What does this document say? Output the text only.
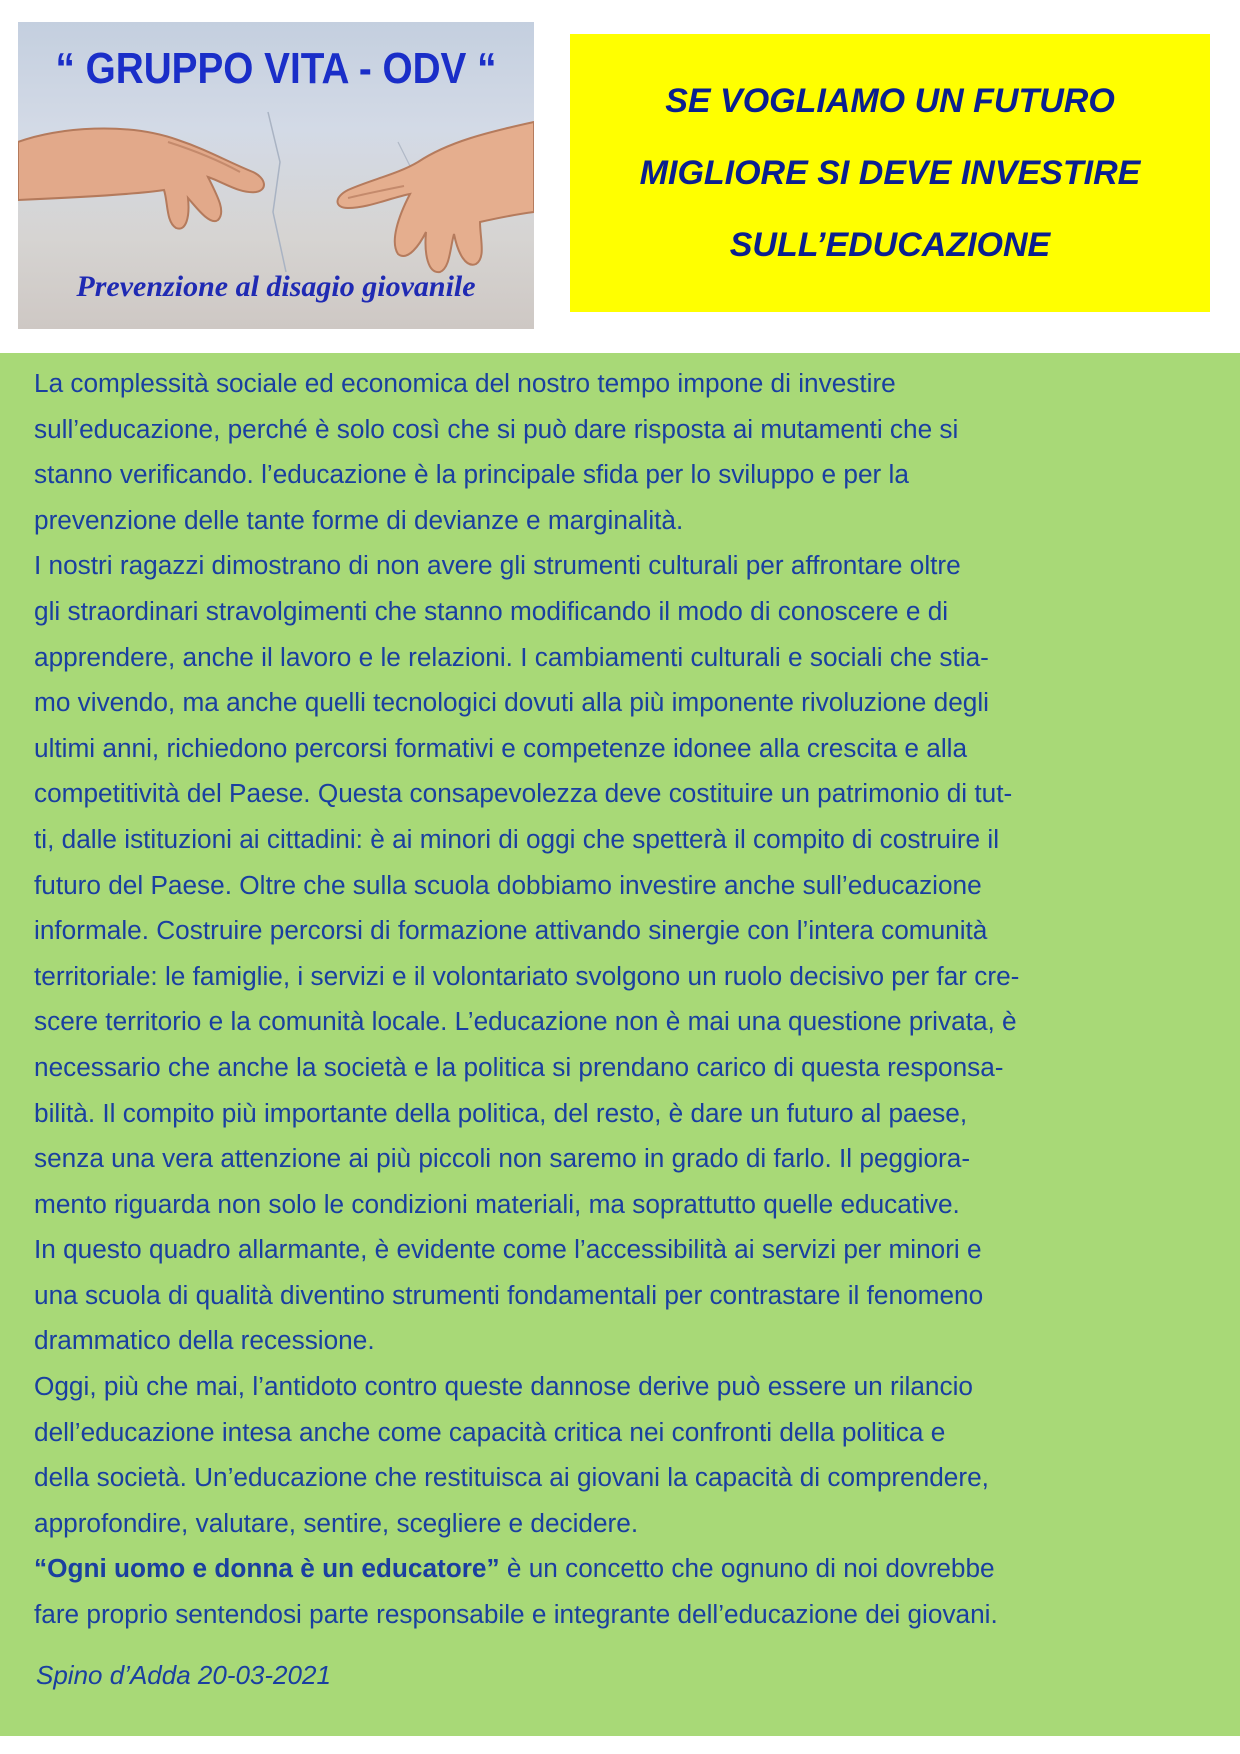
“ GRUPPO VITA - ODV “
Prevenzione al disagio giovanile
SE VOGLIAMO UN FUTURO
MIGLIORE SI DEVE INVESTIRE
SULL’EDUCAZIONE
La complessità sociale ed economica del nostro tempo impone di investire
sull’educazione, perché è solo così che si può dare risposta ai mutamenti che si
stanno verificando. l’educazione è la principale sfida per lo sviluppo e per la
prevenzione delle tante forme di devianze e marginalità.
I nostri ragazzi dimostrano di non avere gli strumenti culturali per affrontare oltre
gli straordinari stravolgimenti che stanno modificando il modo di conoscere e di
apprendere, anche il lavoro e le relazioni. I cambiamenti culturali e sociali che stia-
mo vivendo, ma anche quelli tecnologici dovuti alla più imponente rivoluzione degli
ultimi anni, richiedono percorsi formativi e competenze idonee alla crescita e alla
competitività del Paese. Questa consapevolezza deve costituire un patrimonio di tut-
ti, dalle istituzioni ai cittadini: è ai minori di oggi che spetterà il compito di costruire il
futuro del Paese. Oltre che sulla scuola dobbiamo investire anche sull’educazione
informale. Costruire percorsi di formazione attivando sinergie con l’intera comunità
territoriale: le famiglie, i servizi e il volontariato svolgono un ruolo decisivo per far cre-
scere territorio e la comunità locale. L’educazione non è mai una questione privata, è
necessario che anche la società e la politica si prendano carico di questa responsa-
bilità. Il compito più importante della politica, del resto, è dare un futuro al paese,
senza una vera attenzione ai più piccoli non saremo in grado di farlo. Il peggiora-
mento riguarda non solo le condizioni materiali, ma soprattutto quelle educative.
In questo quadro allarmante, è evidente come l’accessibilità ai servizi per minori e
una scuola di qualità diventino strumenti fondamentali per contrastare il fenomeno
drammatico della recessione.
Oggi, più che mai, l’antidoto contro queste dannose derive può essere un rilancio
dell’educazione intesa anche come capacità critica nei confronti della politica e
della società. Un’educazione che restituisca ai giovani la capacità di comprendere,
approfondire, valutare, sentire, scegliere e decidere.
“Ogni uomo e donna è un educatore” è un concetto che ognuno di noi dovrebbe
fare proprio sentendosi parte responsabile e integrante dell’educazione dei giovani.
Spino d’Adda 20-03-2021
